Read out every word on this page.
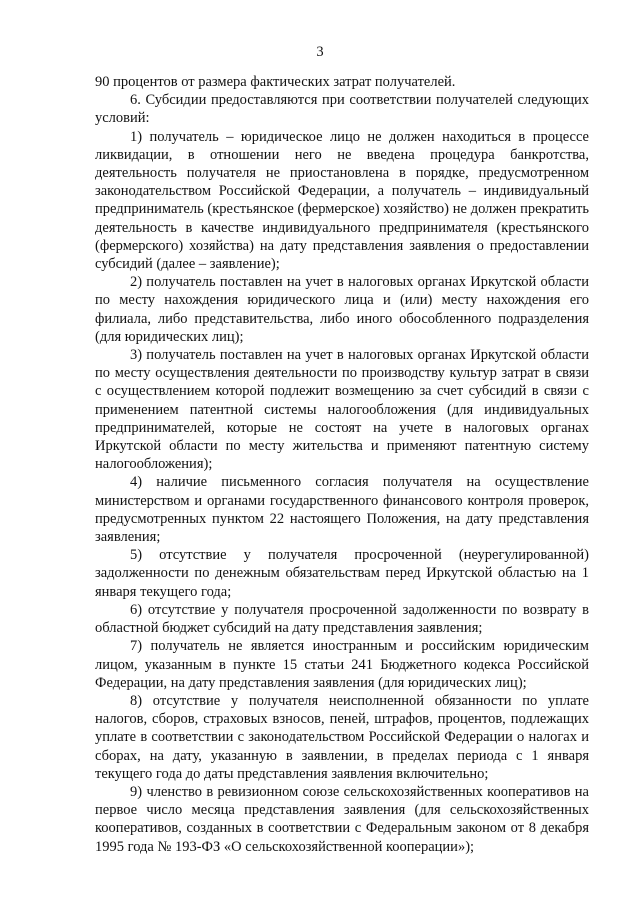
3

90 процентов от размера фактических затрат получателей.

6. Субсидии предоставляются при соответствии получателей следующих условий:

1) получатель – юридическое лицо не должен находиться в процессе ликвидации, в отношении него не введена процедура банкротства, деятельность получателя не приостановлена в порядке, предусмотренном законодательством Российской Федерации, а получатель – индивидуальный предприниматель (крестьянское (фермерское) хозяйство) не должен прекратить деятельность в качестве индивидуального предпринимателя (крестьянского (фермерского) хозяйства) на дату представления заявления о предоставлении субсидий (далее – заявление);

2) получатель поставлен на учет в налоговых органах Иркутской области по месту нахождения юридического лица и (или) месту нахождения его филиала, либо представительства, либо иного обособленного подразделения (для юридических лиц);

3) получатель поставлен на учет в налоговых органах Иркутской области по месту осуществления деятельности по производству культур затрат в связи с осуществлением которой подлежит возмещению за счет субсидий в связи с применением патентной системы налогообложения (для индивидуальных предпринимателей, которые не состоят на учете в налоговых органах Иркутской области по месту жительства и применяют патентную систему налогообложения);

4) наличие письменного согласия получателя на осуществление министерством и органами государственного финансового контроля проверок, предусмотренных пунктом 22 настоящего Положения, на дату представления заявления;

5) отсутствие у получателя просроченной (неурегулированной) задолженности по денежным обязательствам перед Иркутской областью на 1 января текущего года;

6) отсутствие у получателя просроченной задолженности по возврату в областной бюджет субсидий на дату представления заявления;

7) получатель не является иностранным и российским юридическим лицом, указанным в пункте 15 статьи 241 Бюджетного кодекса Российской Федерации, на дату представления заявления (для юридических лиц);

8) отсутствие у получателя неисполненной обязанности по уплате налогов, сборов, страховых взносов, пеней, штрафов, процентов, подлежащих уплате в соответствии с законодательством Российской Федерации о налогах и сборах, на дату, указанную в заявлении, в пределах периода с 1 января текущего года до даты представления заявления включительно;

9) членство в ревизионном союзе сельскохозяйственных кооперативов на первое число месяца представления заявления (для сельскохозяйственных кооперативов, созданных в соответствии с Федеральным законом от 8 декабря 1995 года № 193-ФЗ «О сельскохозяйственной кооперации»);
